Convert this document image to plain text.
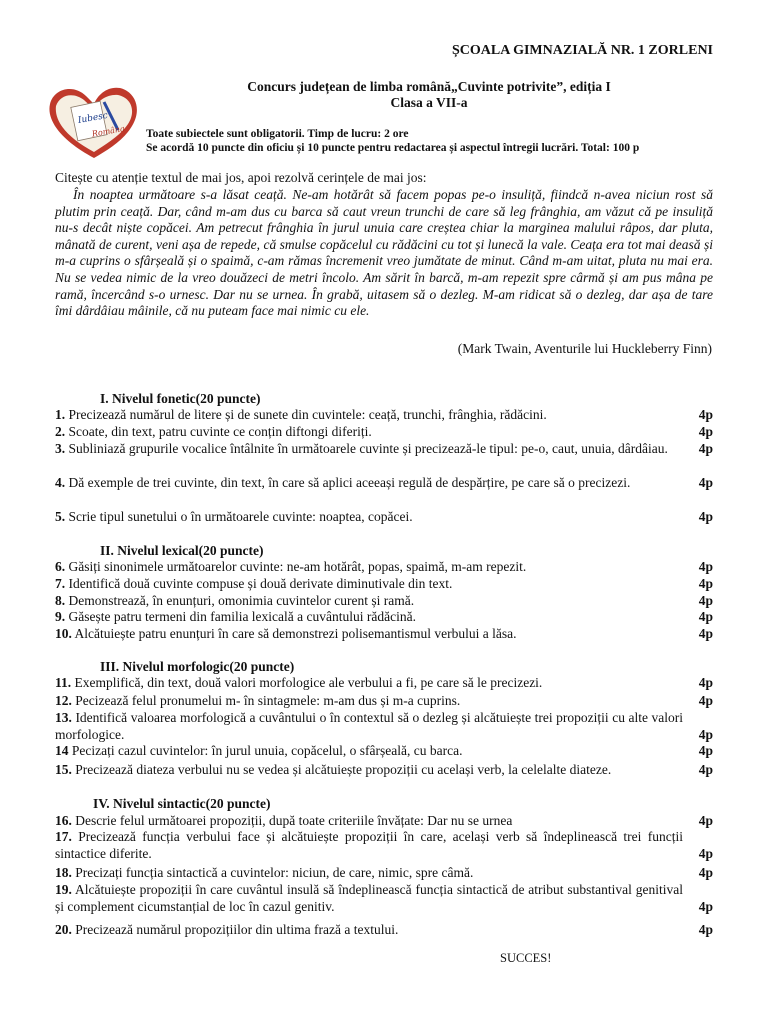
ȘCOALA GIMNAZIALĂ NR. 1 ZORLENI
Iubesc
Româna
Concurs județean de limba română„Cuvinte potrivite”, ediția I
Clasa a VII-a
Toate subiectele sunt obligatorii. Timp de lucru: 2 ore
Se acordă 10 puncte din oficiu și 10 puncte pentru redactarea și aspectul întregii lucrări. Total: 100 p
Citește cu atenție textul de mai jos, apoi rezolvă cerințele de mai jos:
În noaptea următoare s-a lăsat ceață. Ne-am hotărât să facem popas pe-o insuliță, fiindcă n-avea niciun rost să plutim prin ceață. Dar, când m-am dus cu barca să caut vreun trunchi de care să leg frânghia, am văzut că pe insuliță nu-s decât niște copăcei. Am petrecut frânghia în jurul unuia care creștea chiar la marginea malului râpos, dar pluta, mânată de curent, veni așa de repede, că smulse copăcelul cu rădăcini cu tot și lunecă la vale. Ceața era tot mai deasă și m-a cuprins o sfârșeală și o spaimă, c-am rămas încremenit vreo jumătate de minut. Când m-am uitat, pluta nu mai era. Nu se vedea nimic de la vreo douăzeci de metri încolo. Am sărit în barcă, m-am repezit spre cârmă și am pus mâna pe ramă, încercând s-o urnesc. Dar nu se urnea. În grabă, uitasem să o dezleg. M-am ridicat să o dezleg, dar așa de tare îmi dârdâiau mâinile, că nu puteam face mai nimic cu ele.
(Mark Twain, Aventurile lui Huckleberry Finn)
I. Nivelul fonetic(20 puncte)
1. Precizează numărul de litere și de sunete din cuvintele: ceață, trunchi, frânghia, rădăcini.	4p
2. Scoate, din text, patru cuvinte ce conțin diftongi diferiți.	4p
3. Subliniază grupurile vocalice întâlnite în următoarele cuvinte și precizează-le tipul: pe-o, caut, unuia, dârdâiau.	4p
4. Dă exemple de trei cuvinte, din text, în care să aplici aceeași regulă de despărțire, pe care să o precizezi.	4p
5. Scrie tipul sunetului o în următoarele cuvinte: noaptea, copăcei.	4p
II. Nivelul lexical(20 puncte)
6. Găsiți sinonimele următoarelor cuvinte: ne-am hotărât, popas, spaimă, m-am repezit.	4p
7. Identifică două cuvinte compuse și două derivate diminutivale din text.	4p
8. Demonstrează, în enunțuri, omonimia cuvintelor curent și ramă.	4p
9. Găsește patru termeni din familia lexicală a cuvântului rădăcină.	4p
10. Alcătuiește patru enunțuri în care să demonstrezi polisemantismul verbului a lăsa.	4p
III. Nivelul morfologic(20 puncte)
11. Exemplifică, din text, două valori morfologice ale verbului a fi, pe care să le precizezi.	4p
12. Pecizează felul pronumelui m- în sintagmele: m-am dus și m-a cuprins.	4p
13. Identifică valoarea morfologică a cuvântului o în contextul să o dezleg și alcătuiește trei propoziții cu alte valori morfologice.	4p
14 Pecizați cazul cuvintelor: în jurul unuia, copăcelul, o sfârșeală, cu barca.	4p
15. Precizează diateza verbului nu se vedea și alcătuiește propoziții cu același verb, la celelalte diateze.	4p
IV. Nivelul sintactic(20 puncte)
16. Descrie felul următoarei propoziții, după toate criteriile învățate: Dar nu se urnea	4p
17. Precizează funcția verbului face și alcătuiește propoziții în care, același verb să îndeplinească trei funcții sintactice diferite.	4p
18. Precizați funcția sintactică a cuvintelor: niciun, de care, nimic, spre câmă.	4p
19. Alcătuiește propoziții în care cuvântul insulă să îndeplinească funcția sintactică de atribut substantival genitival și complement cicumstanțial de loc în cazul genitiv.	4p
20. Precizează numărul propozițiilor din ultima frază a textului.	4p
SUCCES!
